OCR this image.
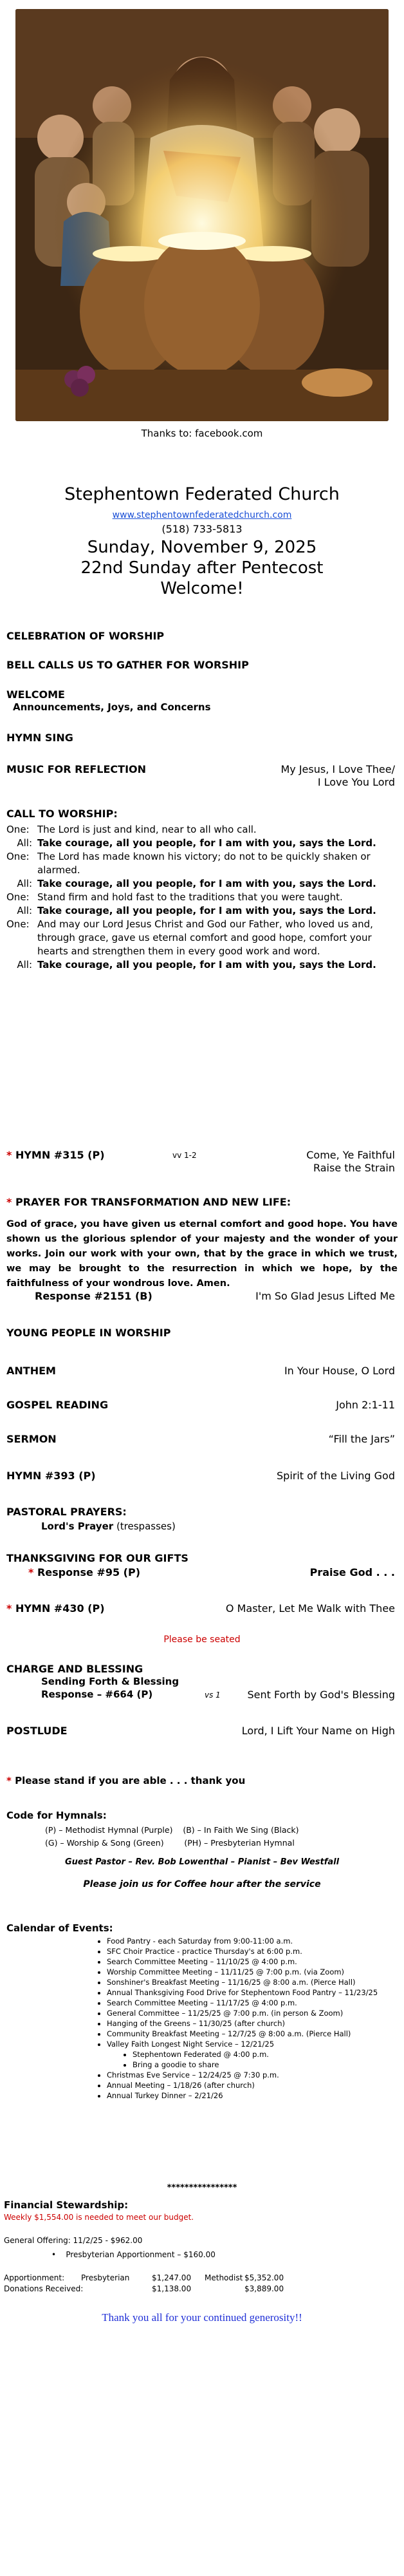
Thanks to: facebook.com
Stephentown Federated Church
www.stephentownfederatedchurch.com
(518) 733-5813
Sunday, November 9, 2025
22nd Sunday after Pentecost
Welcome!
CELEBRATION OF WORSHIP
BELL CALLS US TO GATHER FOR WORSHIP
WELCOME
Announcements, Joys, and Concerns
HYMN SING
MUSIC FOR REFLECTION	My Jesus, I Love Thee/
I Love You Lord
CALL TO WORSHIP:
One: The Lord is just and kind, near to all who call.
All: Take courage, all you people, for I am with you, says the Lord.
One: The Lord has made known his victory; do not to be quickly shaken or alarmed.
All: Take courage, all you people, for I am with you, says the Lord.
One: Stand firm and hold fast to the traditions that you were taught.
All: Take courage, all you people, for I am with you, says the Lord.
One: And may our Lord Jesus Christ and God our Father, who loved us and, through grace, gave us eternal comfort and good hope, comfort your hearts and strengthen them in every good work and word.
All: Take courage, all you people, for I am with you, says the Lord.
* HYMN #315 (P)	vv 1-2	Come, Ye Faithful
Raise the Strain
* PRAYER FOR TRANSFORMATION AND NEW LIFE:
God of grace, you have given us eternal comfort and good hope. You have shown us the glorious splendor of your majesty and the wonder of your works. Join our work with your own, that by the grace in which we trust, we may be brought to the resurrection in which we hope, by the faithfulness of your wondrous love. Amen.
Response #2151 (B)	I'm So Glad Jesus Lifted Me
YOUNG PEOPLE IN WORSHIP
ANTHEM	In Your House, O Lord
GOSPEL READING	John 2:1-11
SERMON	“Fill the Jars”
HYMN #393 (P)	Spirit of the Living God
PASTORAL PRAYERS:
Lord's Prayer (trespasses)
THANKSGIVING FOR OUR GIFTS
* Response #95 (P)	Praise God . . .
* HYMN #430 (P)	O Master, Let Me Walk with Thee
Please be seated
CHARGE AND BLESSING
Sending Forth & Blessing
Response – #664 (P)	vs 1	Sent Forth by God's Blessing
POSTLUDE	Lord, I Lift Your Name on High
* Please stand if you are able . . . thank you
Code for Hymnals:
(P) – Methodist Hymnal (Purple)    (B) – In Faith We Sing (Black)
(G) – Worship & Song (Green)        (PH) – Presbyterian Hymnal
Guest Pastor – Rev. Bob Lowenthal – Pianist – Bev Westfall
Please join us for Coffee hour after the service
Calendar of Events:
• Food Pantry - each Saturday from 9:00-11:00 a.m.
• SFC Choir Practice - practice Thursday's at 6:00 p.m.
• Search Committee Meeting – 11/10/25 @ 4:00 p.m.
• Worship Committee Meeting – 11/11/25 @ 7:00 p.m. (via Zoom)
• Sonshiner's Breakfast Meeting – 11/16/25 @ 8:00 a.m. (Pierce Hall)
• Annual Thanksgiving Food Drive for Stephentown Food Pantry – 11/23/25
• Search Committee Meeting – 11/17/25 @ 4:00 p.m.
• General Committee – 11/25/25 @ 7:00 p.m. (in person & Zoom)
• Hanging of the Greens – 11/30/25 (after church)
• Community Breakfast Meeting – 12/7/25 @ 8:00 a.m. (Pierce Hall)
• Valley Faith Longest Night Service – 12/21/25
• Stephentown Federated @ 4:00 p.m.
• Bring a goodie to share
• Christmas Eve Service – 12/24/25 @ 7:30 p.m.
• Annual Meeting – 1/18/26 (after church)
• Annual Turkey Dinner – 2/21/26
****************
Financial Stewardship:
Weekly $1,554.00 is needed to meet our budget.
General Offering: 11/2/25 - $962.00
•    Presbyterian Apportionment – $160.00
Apportionment: Presbyterian	$1,247.00 Methodist $5,352.00
Donations Received:	$1,138.00	$3,889.00
Thank you all for your continued generosity!!
